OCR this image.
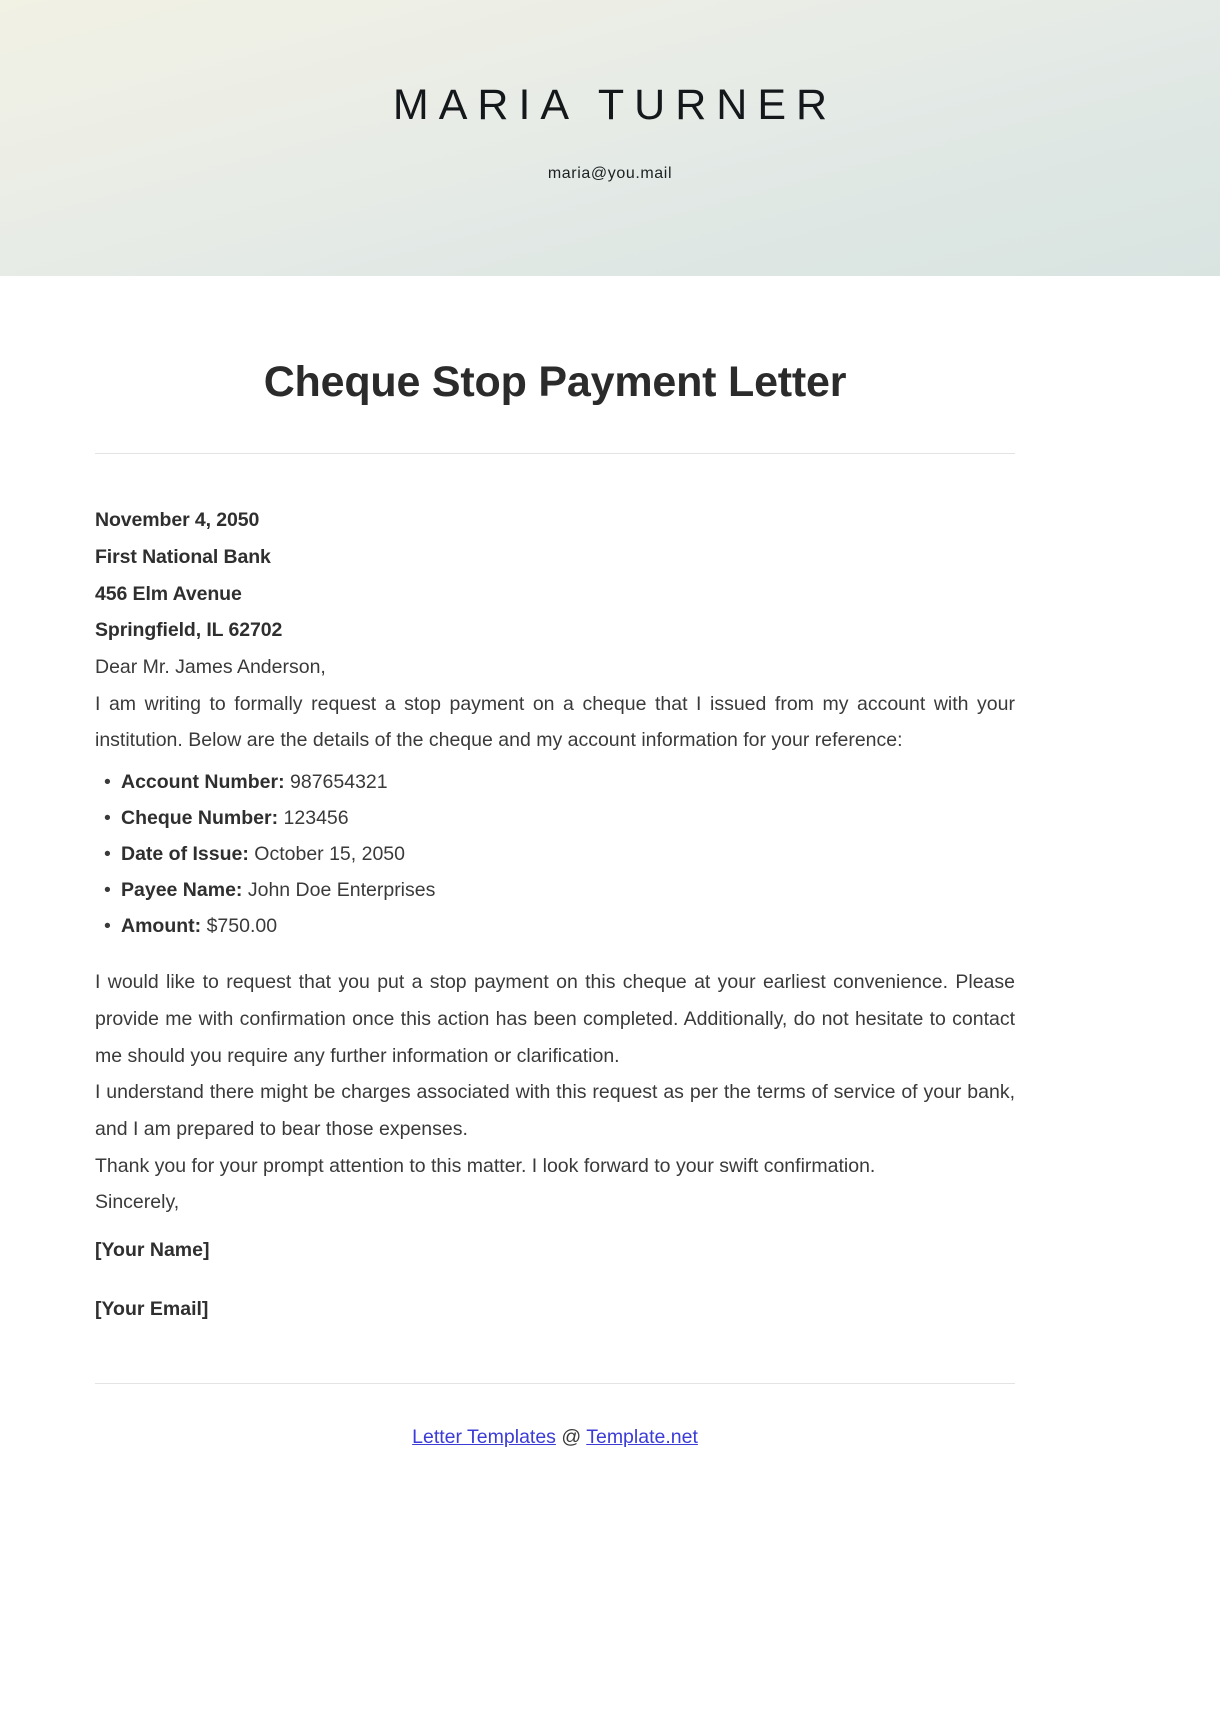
MARIA TURNER
maria@you.mail
Cheque Stop Payment Letter
November 4, 2050
First National Bank
456 Elm Avenue
Springfield, IL 62702
Dear Mr. James Anderson,

I am writing to formally request a stop payment on a cheque that I issued from my account with your institution. Below are the details of the cheque and my account information for your reference:

• Account Number: 987654321
• Cheque Number: 123456
• Date of Issue: October 15, 2050
• Payee Name: John Doe Enterprises
• Amount: $750.00

I would like to request that you put a stop payment on this cheque at your earliest convenience. Please provide me with confirmation once this action has been completed. Additionally, do not hesitate to contact me should you require any further information or clarification.

I understand there might be charges associated with this request as per the terms of service of your bank, and I am prepared to bear those expenses.

Thank you for your prompt attention to this matter. I look forward to your swift confirmation.

Sincerely,
[Your Name]
[Your Email]
Letter Templates @ Template.net
